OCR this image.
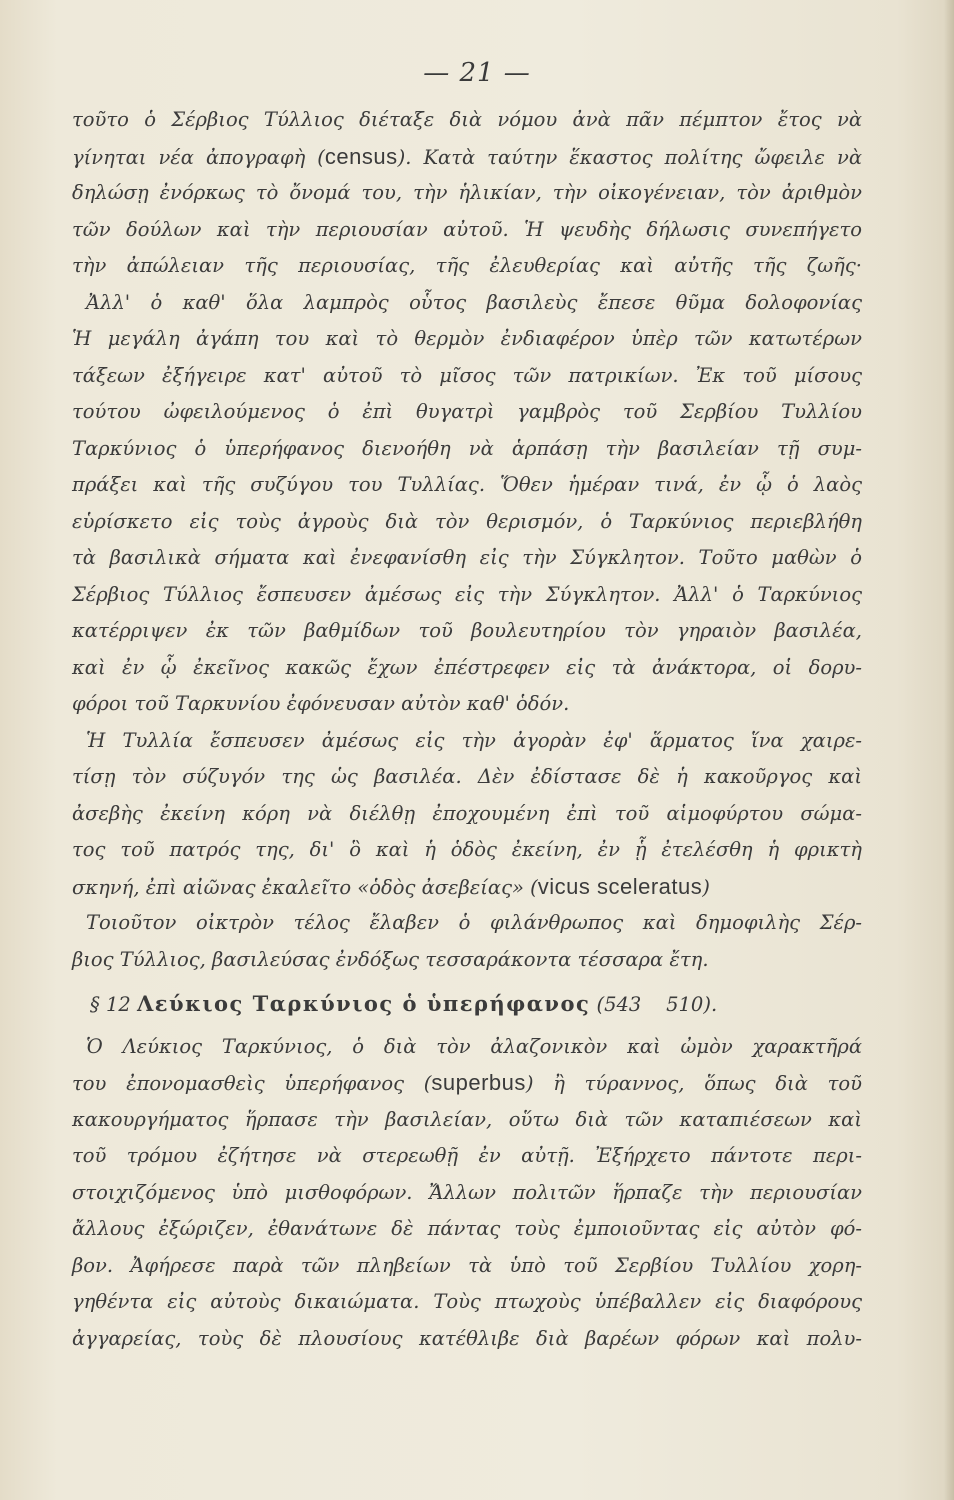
— 21 —
τοῦτο ὁ Σέρβιος Τύλλιος διέταξε διὰ νόμου ἀνὰ πᾶν πέμπτον ἔτος νὰ
γίνηται νέα ἀπογραφὴ (census). Κατὰ ταύτην ἕκαστος πολίτης ὤφειλε νὰ
δηλώσῃ ἐνόρκως τὸ ὄνομά του, τὴν ἡλικίαν, τὴν οἰκογένειαν, τὸν ἀριθμὸν
τῶν δούλων καὶ τὴν περιουσίαν αὐτοῦ. Ἡ ψευδὴς δήλωσις συνεπήγετο
τὴν ἀπώλειαν τῆς περιουσίας, τῆς ἐλευθερίας καὶ αὐτῆς τῆς ζωῆς·
Ἀλλ' ὁ καθ' ὅλα λαμπρὸς οὗτος βασιλεὺς ἔπεσε θῦμα δολοφονίας
Ἡ μεγάλη ἀγάπη του καὶ τὸ θερμὸν ἐνδιαφέρον ὑπὲρ τῶν κατωτέρων
τάξεων ἐξήγειρε κατ' αὐτοῦ τὸ μῖσος τῶν πατρικίων. Ἐκ τοῦ μίσους
τούτου ὠφειλούμενος ὁ ἐπὶ θυγατρὶ γαμβρὸς τοῦ Σερβίου Τυλλίου
Ταρκύνιος ὁ ὑπερήφανος διενοήθη νὰ ἁρπάσῃ τὴν βασιλείαν τῇ συμ-
πράξει καὶ τῆς συζύγου του Τυλλίας. Ὅθεν ἡμέραν τινά, ἐν ᾧ ὁ λαὸς
εὑρίσκετο εἰς τοὺς ἀγροὺς διὰ τὸν θερισμόν, ὁ Ταρκύνιος περιεβλήθη
τὰ βασιλικὰ σήματα καὶ ἐνεφανίσθη εἰς τὴν Σύγκλητον. Τοῦτο μαθὼν ὁ
Σέρβιος Τύλλιος ἔσπευσεν ἀμέσως εἰς τὴν Σύγκλητον. Ἀλλ' ὁ Ταρκύνιος
κατέρριψεν ἐκ τῶν βαθμίδων τοῦ βουλευτηρίου τὸν γηραιὸν βασιλέα,
καὶ ἐν ᾧ ἐκεῖνος κακῶς ἔχων ἐπέστρεφεν εἰς τὰ ἀνάκτορα, οἱ δορυ-
φόροι τοῦ Ταρκυνίου ἐφόνευσαν αὐτὸν καθ' ὁδόν.
Ἡ Τυλλία ἔσπευσεν ἀμέσως εἰς τὴν ἀγορὰν ἐφ' ἅρματος ἵνα χαιρε-
τίσῃ τὸν σύζυγόν της ὡς βασιλέα. Δὲν ἐδίστασε δὲ ἡ κακοῦργος καὶ
ἀσεβὴς ἐκείνη κόρη νὰ διέλθῃ ἐποχουμένη ἐπὶ τοῦ αἱμοφύρτου σώμα-
τος τοῦ πατρός της, δι' ὃ καὶ ἡ ὁδὸς ἐκείνη, ἐν ᾗ ἐτελέσθη ἡ φρικτὴ
σκηνή, ἐπὶ αἰῶνας ἐκαλεῖτο «ὁδὸς ἀσεβείας» (vicus sceleratus)
Τοιοῦτον οἰκτρὸν τέλος ἔλαβεν ὁ φιλάνθρωπος καὶ δημοφιλὴς Σέρ-
βιος Τύλλιος, βασιλεύσας ἐνδόξως τεσσαράκοντα τέσσαρα ἔτη.
§ 12 Λεύκιος Ταρκύνιος ὁ ὑπερήφανος (543    510).
Ὁ Λεύκιος Ταρκύνιος, ὁ διὰ τὸν ἀλαζονικὸν καὶ ὠμὸν χαρακτῆρά
του ἐπονομασθεὶς ὑπερήφανος (superbus) ἢ τύραννος, ὅπως διὰ τοῦ
κακουργήματος ἥρπασε τὴν βασιλείαν, οὕτω διὰ τῶν καταπιέσεων καὶ
τοῦ τρόμου ἐζήτησε νὰ στερεωθῇ ἐν αὐτῇ. Ἐξήρχετο πάντοτε περι-
στοιχιζόμενος ὑπὸ μισθοφόρων. Ἄλλων πολιτῶν ἥρπαζε τὴν περιουσίαν
ἄλλους ἐξώριζεν, ἐθανάτωνε δὲ πάντας τοὺς ἐμποιοῦντας εἰς αὐτὸν φό-
βον. Ἀφήρεσε παρὰ τῶν πληβείων τὰ ὑπὸ τοῦ Σερβίου Τυλλίου χορη-
γηθέντα εἰς αὐτοὺς δικαιώματα. Τοὺς πτωχοὺς ὑπέβαλλεν εἰς διαφόρους
ἀγγαρείας, τοὺς δὲ πλουσίους κατέθλιβε διὰ βαρέων φόρων καὶ πολυ-
